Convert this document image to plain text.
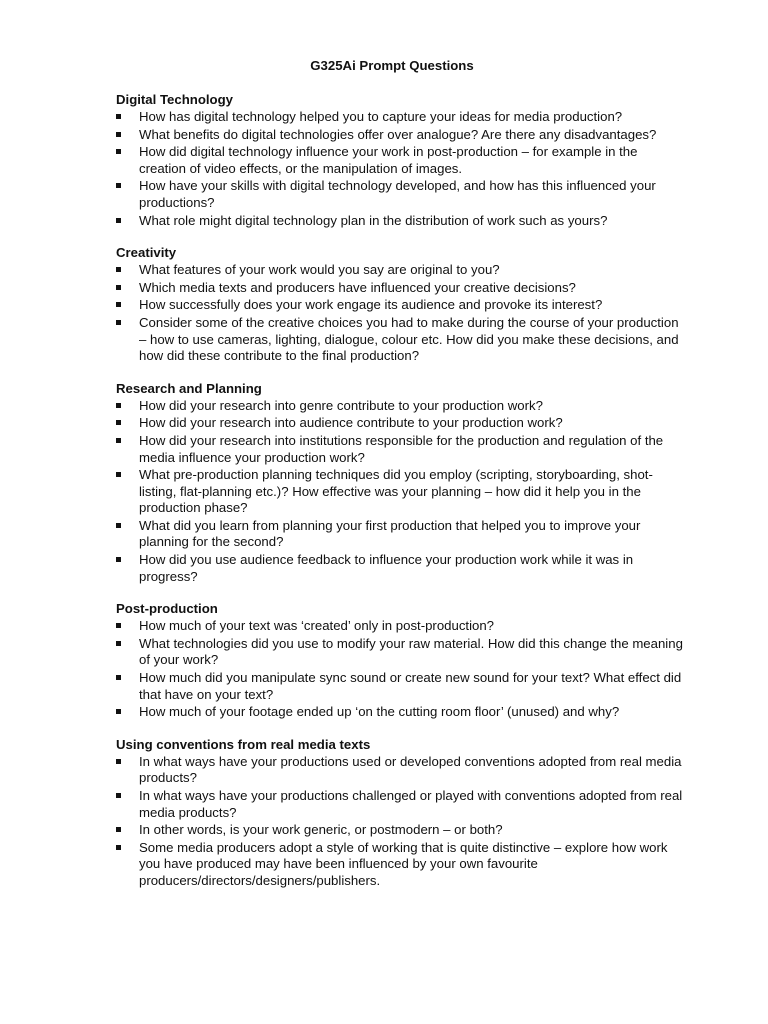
G325Ai Prompt Questions
Digital Technology
How has digital technology helped you to capture your ideas for media production?
What benefits do digital technologies offer over analogue? Are there any disadvantages?
How did digital technology influence your work in post-production – for example in the creation of video effects, or the manipulation of images.
How have your skills with digital technology developed, and how has this influenced your productions?
What role might digital technology plan in the distribution of work such as yours?
Creativity
What features of your work would you say are original to you?
Which media texts and producers have influenced your creative decisions?
How successfully does your work engage its audience and provoke its interest?
Consider some of the creative choices you had to make during the course of your production – how to use cameras, lighting, dialogue, colour etc. How did you make these decisions, and how did these contribute to the final production?
Research and Planning
How did your research into genre contribute to your production work?
How did your research into audience contribute to your production work?
How did your research into institutions responsible for the production and regulation of the media influence your production work?
What pre-production planning techniques did you employ (scripting, storyboarding, shot-listing, flat-planning etc.)? How effective was your planning – how did it help you in the production phase?
What did you learn from planning your first production that helped you to improve your planning for the second?
How did you use audience feedback to influence your production work while it was in progress?
Post-production
How much of your text was ‘created’ only in post-production?
What technologies did you use to modify your raw material. How did this change the meaning of your work?
How much did you manipulate sync sound or create new sound for your text? What effect did that have on your text?
How much of your footage ended up ‘on the cutting room floor’ (unused) and why?
Using conventions from real media texts
In what ways have your productions used or developed conventions adopted from real media products?
In what ways have your productions challenged or played with conventions adopted from real media products?
In other words, is your work generic, or postmodern – or both?
Some media producers adopt a style of working that is quite distinctive – explore how work you have produced may have been influenced by your own favourite producers/directors/designers/publishers.
